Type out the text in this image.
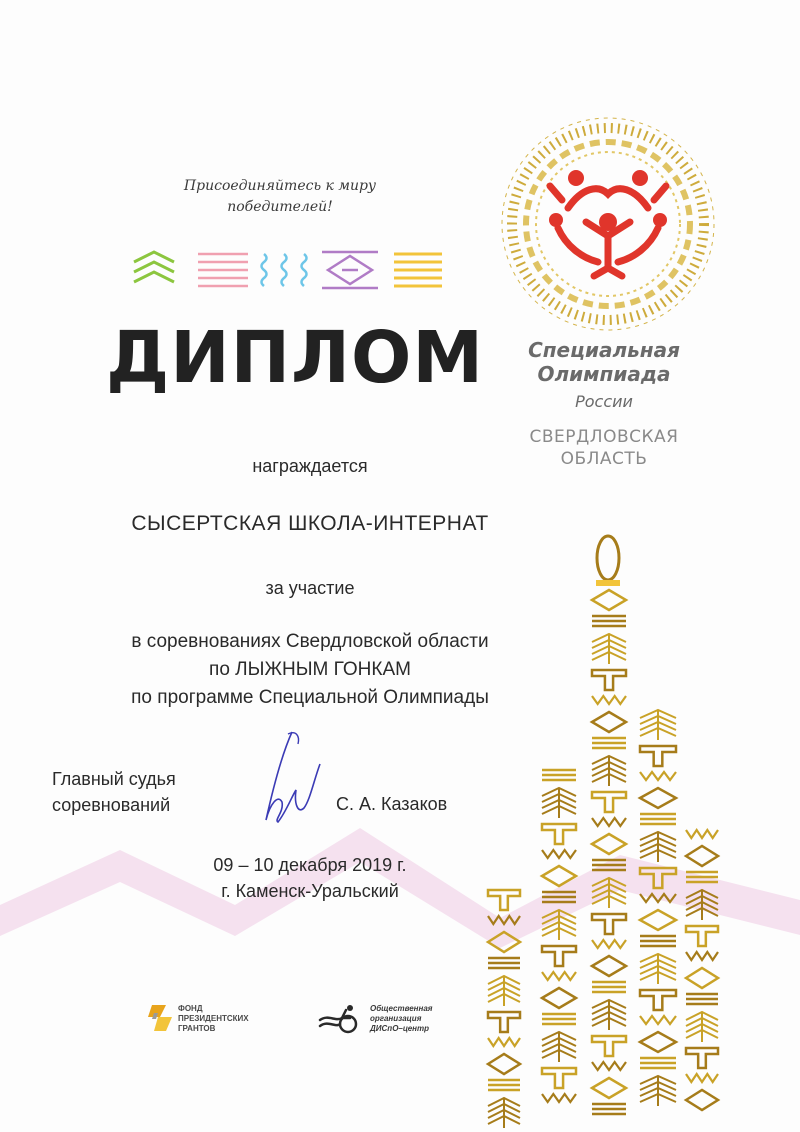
Присоединяйтесь к миру
победителей!
ДИПЛОМ
награждается
СЫСЕРТСКАЯ ШКОЛА-ИНТЕРНАТ
за участие
в соревнованиях Свердловской области
по ЛЫЖНЫМ ГОНКАМ
по программе Специальной Олимпиады
Главный судья
соревнований	С. А. Казаков
09 – 10 декабря 2019 г.
г. Каменск-Уральский
Специальная
Олимпиада
России
СВЕРДЛОВСКАЯ
ОБЛАСТЬ
ФОНД
ПРЕЗИДЕНТСКИХ
ГРАНТОВ
Общественная
организация
ДИСпО–центр
